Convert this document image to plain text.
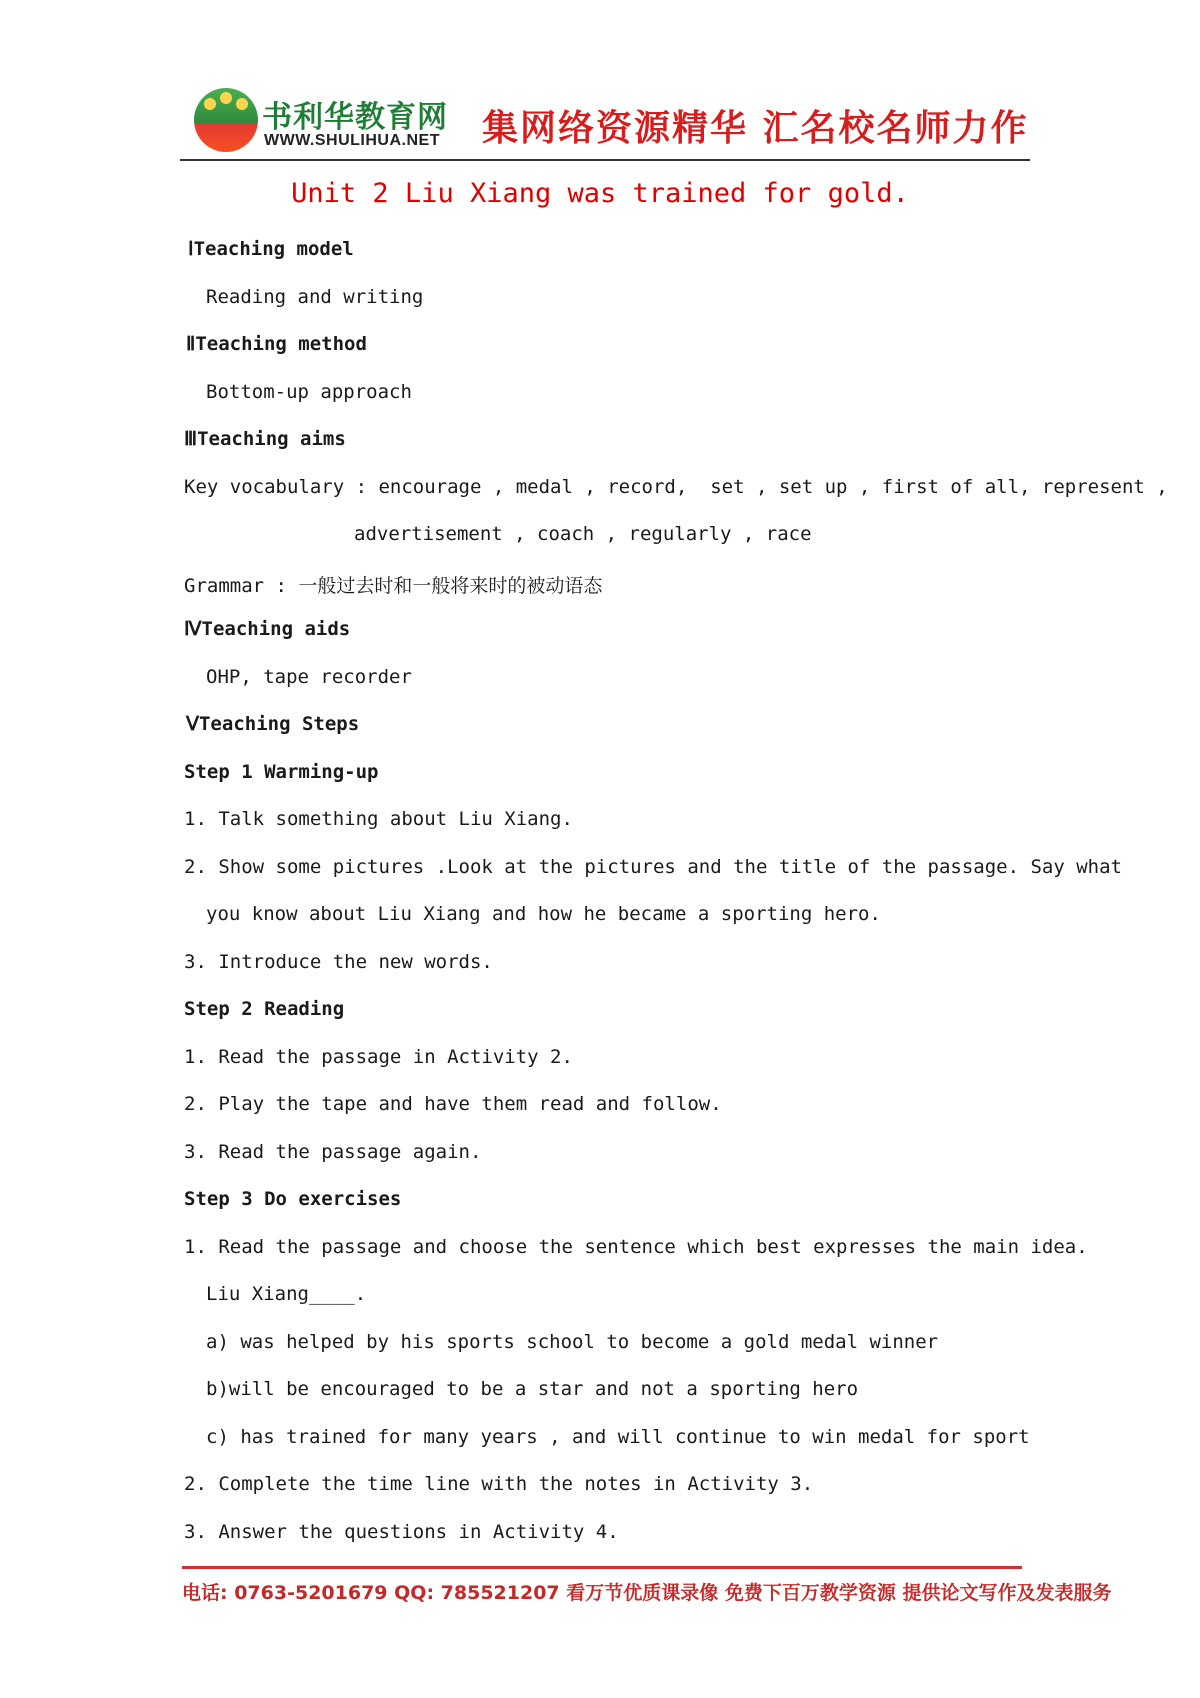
书利华教育网
WWW.SHULIHUA.NET 集网络资源精华 汇名校名师力作
Unit 2 Liu Xiang was trained for gold.
ⅠTeaching model
Reading and writing
ⅡTeaching method
Bottom-up approach
ⅢTeaching aims
Key vocabulary : encourage , medal , record,  set , set up , first of all, represent ,
advertisement , coach , regularly , race
Grammar : 一般过去时和一般将来时的被动语态
ⅣTeaching aids
OHP, tape recorder
ⅤTeaching Steps
Step 1 Warming-up
1. Talk something about Liu Xiang.
2. Show some pictures .Look at the pictures and the title of the passage. Say what
you know about Liu Xiang and how he became a sporting hero.
3. Introduce the new words.
Step 2 Reading
1. Read the passage in Activity 2.
2. Play the tape and have them read and follow.
3. Read the passage again.
Step 3 Do exercises
1. Read the passage and choose the sentence which best expresses the main idea.
Liu Xiang____.
a) was helped by his sports school to become a gold medal winner
b)will be encouraged to be a star and not a sporting hero
c) has trained for many years , and will continue to win medal for sport
2. Complete the time line with the notes in Activity 3.
3. Answer the questions in Activity 4.
电话: 0763-5201679 QQ: 785521207 看万节优质课录像 免费下百万教学资源 提供论文写作及发表服务
